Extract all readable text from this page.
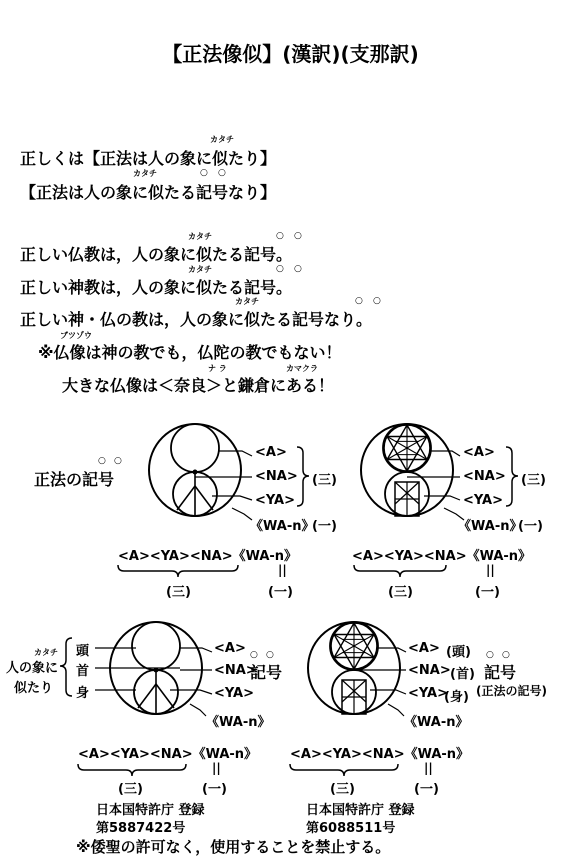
【正法像似】(漢訳)(支那訳)
カタチ
正しくは【正法は人の象に似たり】
カタチ	○ ○
【正法は人の象に似たる記号なり】
カタチ	○ ○
正しい仏教は，人の象に似たる記号。
カタチ	○ ○
正しい神教は，人の象に似たる記号。
カタチ	○ ○
正しい神・仏の教は，人の象に似たる記号なり。
ブツゾウ
※仏像は神の教でも，仏陀の教でもない！
ナ ラ	カマクラ
大きな仏像は＜奈良＞と鎌倉にある！
正法の記号
○ ○
<A>
<NA>
<YA>
(三)
《WA-n》
(一)
<A>
<NA>
<YA>
(三)
《WA-n》
(一)
<A><YA><NA>《WA-n》
||
(三)	(一)
<A><YA><NA>《WA-n》
||
(三)	(一)
カタチ
人の象に
似たり
頭
首
身
<A>
<NA>
記号
○ ○
<YA>
《WA-n》
<A> (頭)
<NA> (首) 記号
○ ○
<YA>
(身) (正法の記号)
《WA-n》
<A><YA><NA>《WA-n》
||
(三)	(一)
<A><YA><NA>《WA-n》
||
(三)	(一)
日本国特許庁 登録
第5887422号
日本国特許庁 登録
第6088511号
※倭聖の許可なく，使用することを禁止する。
